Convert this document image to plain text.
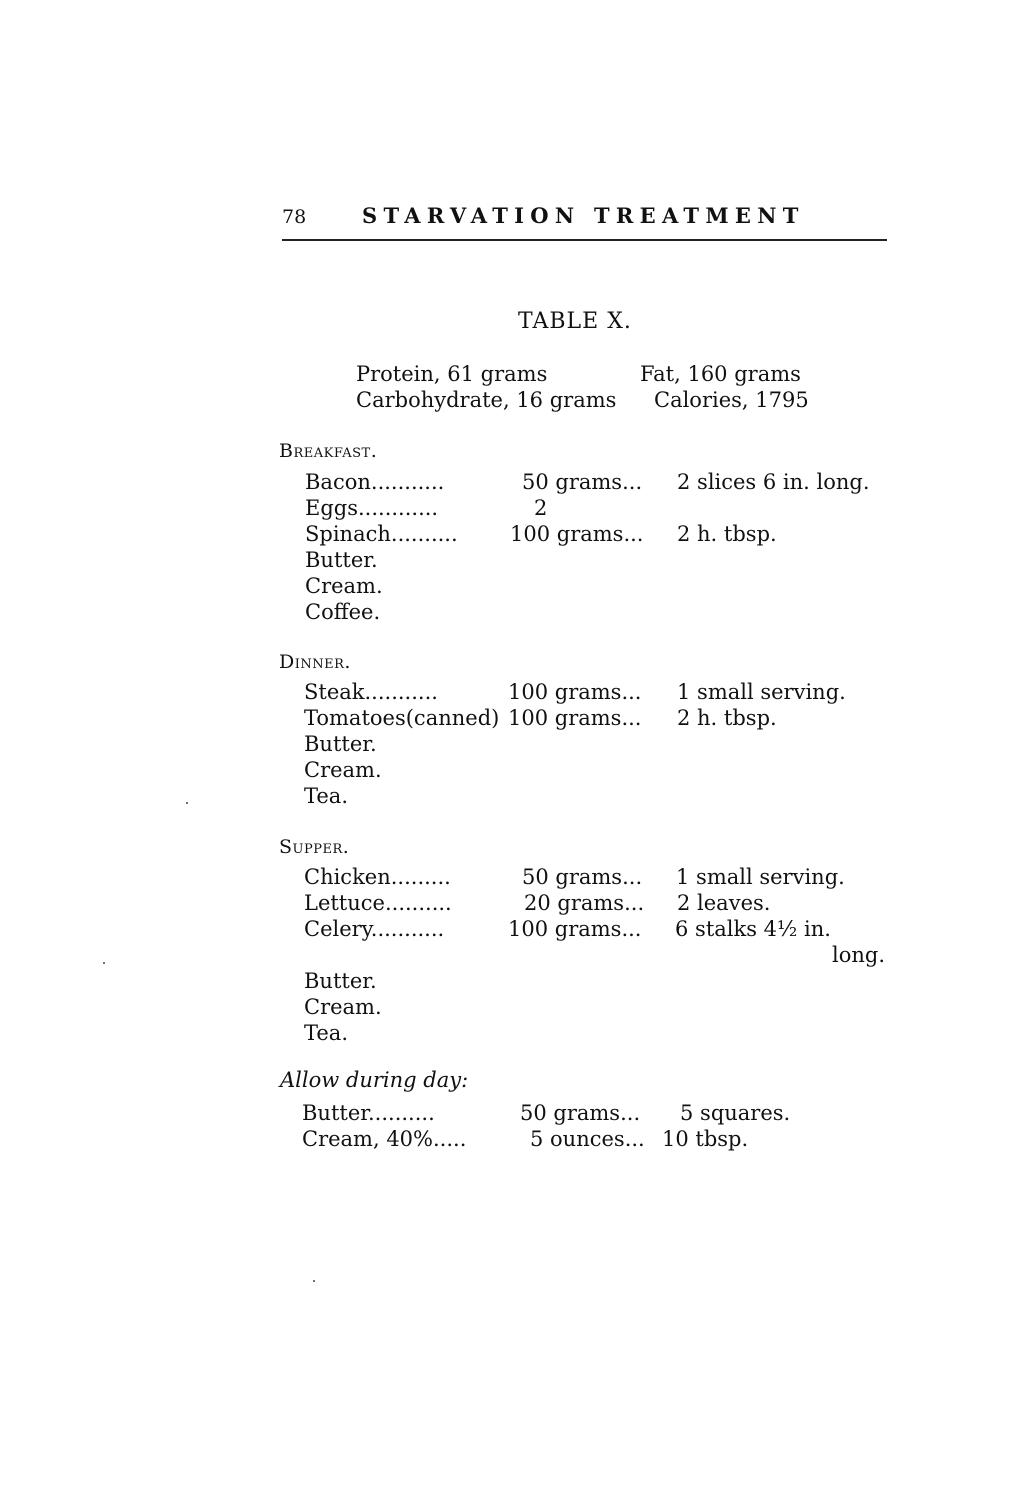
78	STARVATION TREATMENT
TABLE X.
Protein, 61 grams	Fat, 160 grams
Carbohydrate, 16 grams Calories, 1795
Breakfast.
Bacon...........	50 grams... 2 slices 6 in. long.
Eggs............	2
Spinach.......... 100 grams... 2 h. tbsp.
Butter.
Cream.
Coffee.
Dinner.
Steak...........	100 grams... 1 small serving.
Tomatoes(canned) 100 grams... 2 h. tbsp.
Butter.
Cream.
Tea.
Supper.
Chicken.........	50 grams... 1 small serving.
Lettuce..........	20 grams... 2 leaves.
Celery...........	100 grams... 6 stalks 4½ in.
long.
Butter.
Cream.
Tea.
Allow during day:
Butter..........	50 grams... 5 squares.
Cream, 40%.....	5 ounces... 10 tbsp.
